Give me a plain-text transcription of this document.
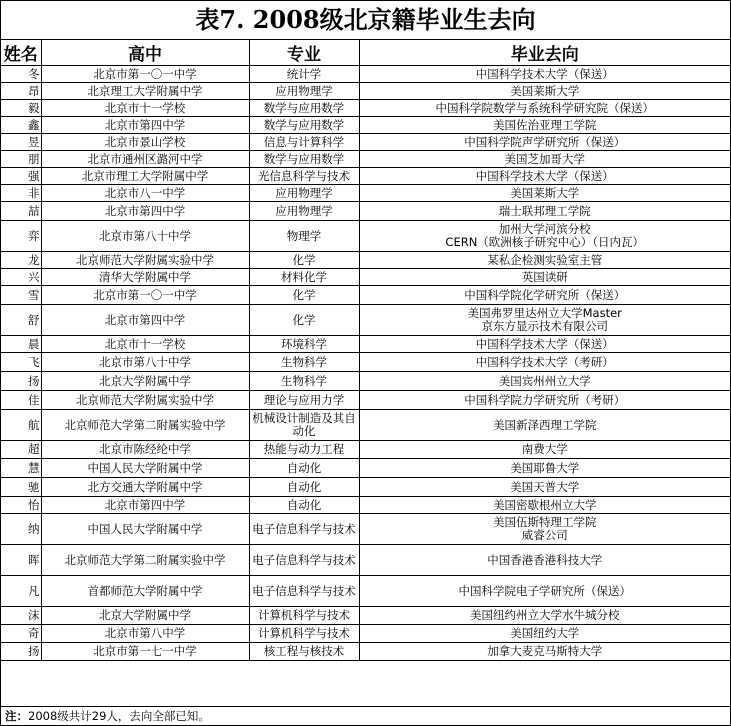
表7. 2008级北京籍毕业生去向
姓名	高中	专业	毕业去向
冬	北京市第一〇一中学	统计学	中国科学技术大学（保送）

昂	北京理工大学附属中学	应用物理学	美国莱斯大学

毅	北京市十一学校	数学与应用数学	中国科学院数学与系统科学研究院（保送）

鑫	北京市第四中学	数学与应用数学	美国佐治亚理工学院

昱	北京市景山学校	信息与计算科学	中国科学院声学研究所（保送）

朋	北京市通州区潞河中学	数学与应用数学	美国芝加哥大学

强	北京市理工大学附属中学	光信息科学与技术	中国科学技术大学（保送）

非	北京市八一中学	应用物理学	美国莱斯大学

喆	北京市第四中学	应用物理学	瑞士联邦理工学院

弈	北京市第八十中学	物理学	加州大学河滨分校
CERN（欧洲核子研究中心）（日内瓦）

龙	北京师范大学附属实验中学	化学	某私企检测实验室主管

兴	清华大学附属中学	材料化学	英国读研

雪	北京市第一〇一中学	化学	中国科学院化学研究所（保送）

舒	北京市第四中学	化学	美国弗罗里达州立大学Master
京东方显示技术有限公司

晨	北京市十一学校	环境科学	中国科学技术大学（保送）

飞	北京市第八十中学	生物科学	中国科学技术大学（考研）

扬	北京大学附属中学	生物科学	美国宾州州立大学

佳	北京师范大学附属实验中学	理论与应用力学	中国科学院力学研究所（考研）

航	北京师范大学第二附属实验中学	机械设计制造及其自动化	美国新泽西理工学院

超	北京市陈经纶中学	热能与动力工程	南费大学

慧	中国人民大学附属中学	自动化	美国耶鲁大学

驰	北方交通大学附属中学	自动化	美国天普大学

怡	北京市第四中学	自动化	美国密歇根州立大学

纳	中国人民大学附属中学	电子信息科学与技术	美国伍斯特理工学院
威睿公司

晖	北京师范大学第二附属实验中学	电子信息科学与技术	中国香港香港科技大学

凡	首都师范大学附属中学	电子信息科学与技术	中国科学院电子学研究所（保送）

沫	北京大学附属中学	计算机科学与技术	美国纽约州立大学水牛城分校

奇	北京市第八中学	计算机科学与技术	美国纽约大学

扬	北京市第一七一中学	核工程与核技术	加拿大麦克马斯特大学
注：2008级共计29人，去向全部已知。
